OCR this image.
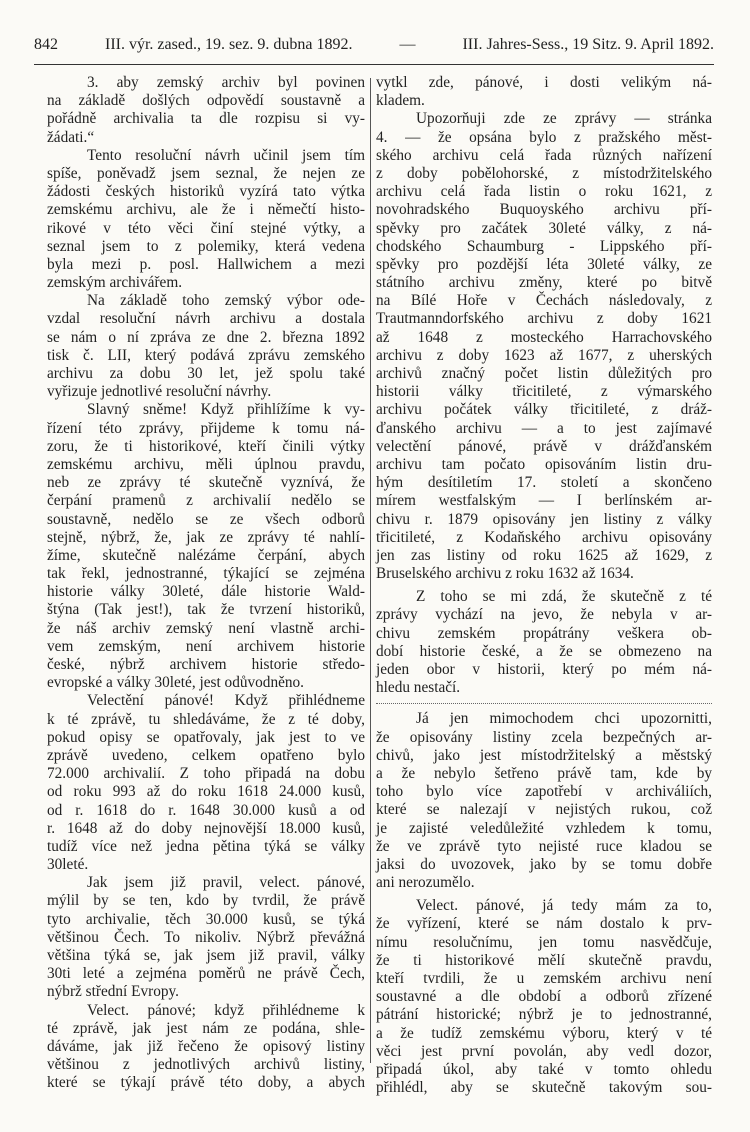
842	III. výr. zased., 19. sez. 9. dubna 1892.	—	III. Jahres-Sess., 19 Sitz. 9. April 1892.
3. aby zemský archiv byl povinen
na základě došlých odpovědí soustavně a
pořádně archivalia ta dle rozpisu si vy-
žádati.“
Tento resoluční návrh učinil jsem tím
spíše, poněvadž jsem seznal, že nejen ze
žádosti českých historiků vyzírá tato výtka
zemskému archivu, ale že i němečtí histo-
rikové v této věci činí stejné výtky, a
seznal jsem to z polemiky, která vedena
byla mezi p. posl. Hallwichem a mezi
zemským archivářem.
Na základě toho zemský výbor ode-
vzdal resoluční návrh archivu a dostala
se nám o ní zpráva ze dne 2. března 1892
tisk č. LII, který podává zprávu zemského
archivu za dobu 30 let, jež spolu také
vyřizuje jednotlivé resoluční návrhy.
Slavný sněme! Když přihlížíme k vy-
řízení této zprávy, přijdeme k tomu ná-
zoru, že ti historikové, kteří činili výtky
zemskému archivu, měli úplnou pravdu,
neb ze zprávy té skutečně vyznívá, že
čerpání pramenů z archivalií nedělo se
soustavně, nedělo se ze všech odborů
stejně, nýbrž, že, jak ze zprávy té nahlí-
žíme, skutečně nalézáme čerpání, abych
tak řekl, jednostranné, týkající se zejména
historie války 30leté, dále historie Wald-
štýna (Tak jest!), tak že tvrzení historiků,
že náš archiv zemský není vlastně archi-
vem zemským, není archivem historie
české, nýbrž archivem historie středo-
evropské a války 30leté, jest odůvodněno.
Velectění pánové! Když přihlédneme
k té zprávě, tu shledáváme, že z té doby,
pokud opisy se opatřovaly, jak jest to ve
zprávě uvedeno, celkem opatřeno bylo
72.000 archivalií. Z toho připadá na dobu
od roku 993 až do roku 1618 24.000 kusů,
od r. 1618 do r. 1648 30.000 kusů a od
r. 1648 až do doby nejnovější 18.000 kusů,
tudíž více než jedna pětina týká se války
30leté.
Jak jsem již pravil, velect. pánové,
mýlil by se ten, kdo by tvrdil, že právě
tyto archivalie, těch 30.000 kusů, se týká
většinou Čech. To nikoliv. Nýbrž převážná
většina týká se, jak jsem již pravil, války
30ti leté a zejména poměrů ne právě Čech,
nýbrž střední Evropy.
Velect. pánové; když přihlédneme k
té zprávě, jak jest nám ze podána, shle-
dáváme, jak již řečeno že opisový listiny
většinou z jednotlivých archivů listiny,
které se týkají právě této doby, a abych
vytkl zde, pánové, i dosti velikým ná-
kladem.
Upozorňuji zde ze zprávy — stránka
4. — že opsána bylo z pražského měst-
ského archivu celá řada různých nařízení
z doby pobělohorské, z místodržitelského
archivu celá řada listin o roku 1621, z
novohradského Buquoyského archivu pří-
spěvky pro začátek 30leté války, z ná-
chodského Schaumburg - Lippského pří-
spěvky pro pozdější léta 30leté války, ze
státního archivu změny, které po bitvě
na Bílé Hoře v Čechách následovaly, z
Trautmanndorfského archivu z doby 1621
až 1648 z mosteckého Harrachovského
archivu z doby 1623 až 1677, z uherských
archivů značný počet listin důležitých pro
historii války třicitileté, z výmarského
archivu počátek války třicitileté, z dráž-
ďanského archivu — a to jest zajímavé
velectění pánové, právě v drážďanském
archivu tam počato opisováním listin dru-
hým desítiletím 17. století a skončeno
mírem westfalským — I berlínském ar-
chivu r. 1879 opisovány jen listiny z války
třicitileté, z Kodaňského archivu opisovány
jen zas listiny od roku 1625 až 1629, z
Bruselského archivu z roku 1632 až 1634.
Z toho se mi zdá, že skutečně z té
zprávy vychází na jevo, že nebyla v ar-
chivu zemském propátrány veškera ob-
dobí historie české, a že se obmezeno na
jeden obor v historii, který po mém ná-
hledu nestačí.
Já jen mimochodem chci upozornitti,
že opisovány listiny zcela bezpečných ar-
chivů, jako jest místodržitelský a městský
a že nebylo šetřeno právě tam, kde by
toho bylo více zapotřebí v archiváliích,
které se nalezají v nejistých rukou, což
je zajisté veledůležité vzhledem k tomu,
že ve zprávě tyto nejisté ruce kladou se
jaksi do uvozovek, jako by se tomu dobře
ani nerozumělo.
Velect. pánové, já tedy mám za to,
že vyřízení, které se nám dostalo k prv-
nímu resolučnímu, jen tomu nasvědčuje,
že ti historikové mělí skutečně pravdu,
kteří tvrdili, že u zemském archivu není
soustavné a dle období a odborů zřízené
pátrání historické; nýbrž je to jednostranné,
a že tudíž zemskému výboru, který v té
věci jest první povolán, aby vedl dozor,
připadá úkol, aby také v tomto ohledu
přihlédl, aby se skutečně takovým sou-
